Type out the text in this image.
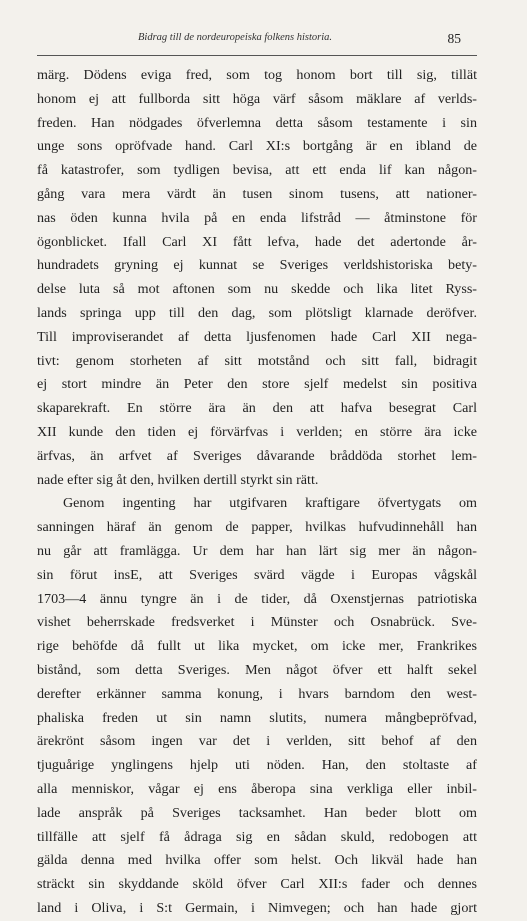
Bidrag till de nordeuropeiska folkens historia.	85
märg. Dödens eviga fred, som tog honom bort till sig, tillät
honom ej att fullborda sitt höga värf såsom mäklare af verlds-
freden. Han nödgades öfverlemna detta såsom testamente i sin
unge sons opröfvade hand. Carl XI:s bortgång är en ibland de
få katastrofer, som tydligen bevisa, att ett enda lif kan någon-
gång vara mera värdt än tusen sinom tusens, att nationer-
nas öden kunna hvila på en enda lifstråd — åtminstone för
ögonblicket. Ifall Carl XI fått lefva, hade det adertonde år-
hundradets gryning ej kunnat se Sveriges verldshistoriska bety-
delse luta så mot aftonen som nu skedde och lika litet Ryss-
lands springa upp till den dag, som plötsligt klarnade deröfver.
Till improviserandet af detta ljusfenomen hade Carl XII nega-
tivt: genom storheten af sitt motstånd och sitt fall, bidragit
ej stort mindre än Peter den store sjelf medelst sin positiva
skaparekraft. En större ära än den att hafva besegrat Carl
XII kunde den tiden ej förvärfvas i verlden; en större ära icke
ärfvas, än arfvet af Sveriges dåvarande bråddöda storhet lem-
nade efter sig åt den, hvilken dertill styrkt sin rätt.
Genom ingenting har utgifvaren kraftigare öfvertygats om
sanningen häraf än genom de papper, hvilkas hufvudinnehåll han
nu går att framlägga. Ur dem har han lärt sig mer än någon-
sin förut insE, att Sveriges svärd vägde i Europas vågskål
1703—4 ännu tyngre än i de tider, då Oxenstjernas patriotiska
vishet beherrskade fredsverket i Münster och Osnabrück. Sve-
rige behöfde då fullt ut lika mycket, om icke mer, Frankrikes
bistånd, som detta Sveriges. Men något öfver ett halft sekel
derefter erkänner samma konung, i hvars barndom den west-
phaliska freden ut sin namn slutits, numera mångbepröfvad,
ärekrönt såsom ingen var det i verlden, sitt behof af den
tjuguårige ynglingens hjelp uti nöden. Han, den stoltaste af
alla menniskor, vågar ej ens åberopa sina verkliga eller inbil-
lade anspråk på Sveriges tacksamhet. Han beder blott om
tillfälle att sjelf få ådraga sig en sådan skuld, redobogen att
gälda denna med hvilka offer som helst. Och likväl hade han
sträckt sin skyddande sköld öfver Carl XII:s fader och dennes
land i Oliva, i S:t Germain, i Nimvegen; och han hade gjort
